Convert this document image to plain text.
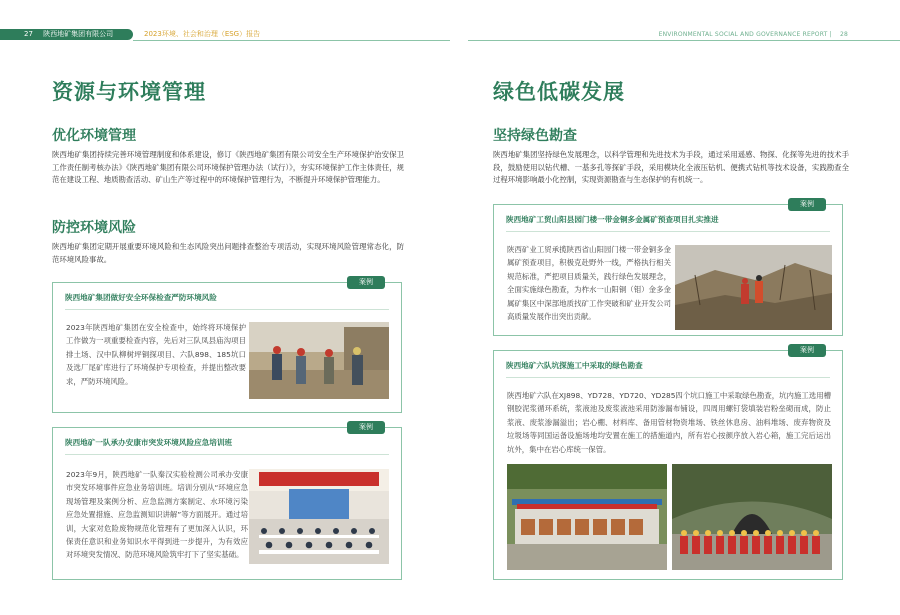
27 陕西地矿集团有限公司	2023环境、社会和治理（ESG）报告	ENVIRONMENTAL SOCIAL AND GOVERNANCE REPORT | 28
资源与环境管理
优化环境管理
陕西地矿集团持续完善环境管理制度和体系建设，修订《陕西地矿集团有限公司安全生产环境保护治安保卫工作责任制考核办法》《陕西地矿集团有限公司环境保护管理办法（试行）》，夯实环境保护工作主体责任，规范在建设工程、地质勘查活动、矿山生产等过程中的环境保护管理行为，不断提升环境保护管理能力。
防控环境风险
陕西地矿集团定期开展重要环境风险和生态风险突出问题排查整治专项活动，实现环境风险管理常态化，防范环境风险事故。
案例
陕西地矿集团做好安全环保检查严防环境风险
2023年陕西地矿集团在安全检查中，始终将环境保护工作做为一项重要检查内容，先后对三队凤县庙沟项目排土场、汉中队柳树坪铜探项目、六队898、185坑口及选厂尾矿库进行了环境保护专项检查，并提出整改要求，严防环境风险。
案例
陕西地矿一队承办安康市突发环境风险应急培训班
2023年9月，陕西地矿一队秦汉实验检测公司承办安康市突发环境事件应急业务培训班。培训分别从“环境应急现场管理及案例分析、应急监测方案制定、水环境污染应急处置措施、应急监测知识讲解”等方面展开。通过培训，大家对危险废物规范化管理有了更加深入认识，环保责任意识和业务知识水平得到进一步提升，为有效应对环境突发情况、防范环境风险筑牢打下了坚实基础。
绿色低碳发展
坚持绿色勘查
陕西地矿集团坚持绿色发展理念，以科学管理和先进技术为手段，通过采用遥感、物探、化探等先进的技术手段，鼓励使用以钻代槽、一基多孔等探矿手段，采用模块化全液压钻机、便携式钻机等技术设备，实践勘查全过程环境影响最小化控制，实现资源勘查与生态保护的有机统一。
案例
陕西地矿工贸山阳县园门楼一带金铜多金属矿预查项目扎实推进
陕西矿业工贸承揽陕西省山阳园门楼一带金铜多金属矿预查项目，积极克赴野外一线，严格执行相关规范标准，严把项目质量关，践行绿色发展理念，全面实施绿色勘查，为柞水一山阳铜（钼）金多金属矿集区中深部地质找矿工作突破和矿业开发公司高质量发展作出突出贡献。
案例
陕西地矿六队坑探施工中采取的绿色勘查
陕西地矿六队在XJ898、YD728、YD720、YD285四个坑口施工中采取绿色勘查，坑内施工选用槽钢胶泥浆循环系统，浆液池及废浆液池采用防渗漏布铺设，四周用螺钉袋填装岩粉垒砌而成，防止浆液、废浆渗漏溢出；岩心棚、材料库、备用管材物资堆场、铁丝休息房、油料堆场、废弃物资及垃圾场等同国运备设施场地均安置在施工的措施道内，所有岩心按颜序放入岩心箱，施工完后运出坑外，集中在岩心库统一保管。
